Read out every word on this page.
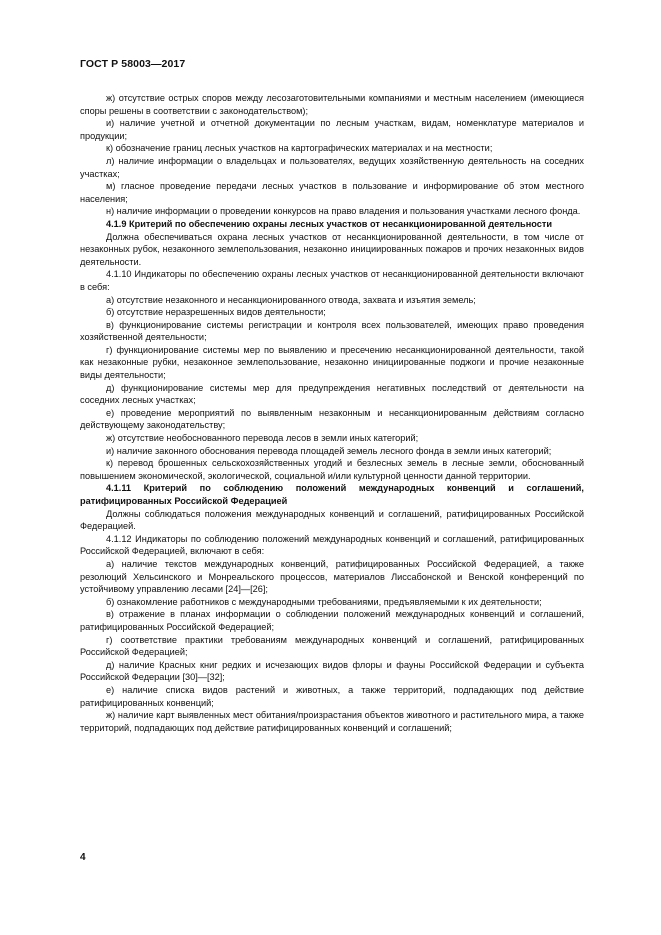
ГОСТ Р 58003—2017

ж) отсутствие острых споров между лесозаготовительными компаниями и местным населением (имеющиеся споры решены в соответствии с законодательством);

и) наличие учетной и отчетной документации по лесным участкам, видам, номенклатуре материалов и продукции;

к) обозначение границ лесных участков на картографических материалах и на местности;

л) наличие информации о владельцах и пользователях, ведущих хозяйственную деятельность на соседних участках;

м) гласное проведение передачи лесных участков в пользование и информирование об этом местного населения;

н) наличие информации о проведении конкурсов на право владения и пользования участками лесного фонда.

4.1.9 Критерий по обеспечению охраны лесных участков от несанкционированной деятельности

Должна обеспечиваться охрана лесных участков от несанкционированной деятельности, в том числе от незаконных рубок, незаконного землепользования, незаконно инициированных пожаров и прочих незаконных видов деятельности.

4.1.10 Индикаторы по обеспечению охраны лесных участков от несанкционированной деятельности включают в себя:

а) отсутствие незаконного и несанкционированного отвода, захвата и изъятия земель;

б) отсутствие неразрешенных видов деятельности;

в) функционирование системы регистрации и контроля всех пользователей, имеющих право проведения хозяйственной деятельности;

г) функционирование системы мер по выявлению и пресечению несанкционированной деятельности, такой как незаконные рубки, незаконное землепользование, незаконно инициированные поджоги и прочие незаконные виды деятельности;

д) функционирование системы мер для предупреждения негативных последствий от деятельности на соседних лесных участках;

е) проведение мероприятий по выявленным незаконным и несанкционированным действиям согласно действующему законодательству;

ж) отсутствие необоснованного перевода лесов в земли иных категорий;

и) наличие законного обоснования перевода площадей земель лесного фонда в земли иных категорий;

к) перевод брошенных сельскохозяйственных угодий и безлесных земель в лесные земли, обоснованный повышением экономической, экологической, социальной и/или культурной ценности данной территории.

4.1.11 Критерий по соблюдению положений международных конвенций и соглашений, ратифицированных Российской Федерацией

Должны соблюдаться положения международных конвенций и соглашений, ратифицированных Российской Федерацией.

4.1.12 Индикаторы по соблюдению положений международных конвенций и соглашений, ратифицированных Российской Федерацией, включают в себя:

а) наличие текстов международных конвенций, ратифицированных Российской Федерацией, а также резолюций Хельсинского и Монреальского процессов, материалов Лиссабонской и Венской конференций по устойчивому управлению лесами [24]—[26];

б) ознакомление работников с международными требованиями, предъявляемыми к их деятельности;

в) отражение в планах информации о соблюдении положений международных конвенций и соглашений, ратифицированных Российской Федерацией;

г) соответствие практики требованиям международных конвенций и соглашений, ратифицированных Российской Федерацией;

д) наличие Красных книг редких и исчезающих видов флоры и фауны Российской Федерации и субъекта Российской Федерации [30]—[32];

е) наличие списка видов растений и животных, а также территорий, подпадающих под действие ратифицированных конвенций;

ж) наличие карт выявленных мест обитания/произрастания объектов животного и растительного мира, а также территорий, подпадающих под действие ратифицированных конвенций и соглашений;

4
